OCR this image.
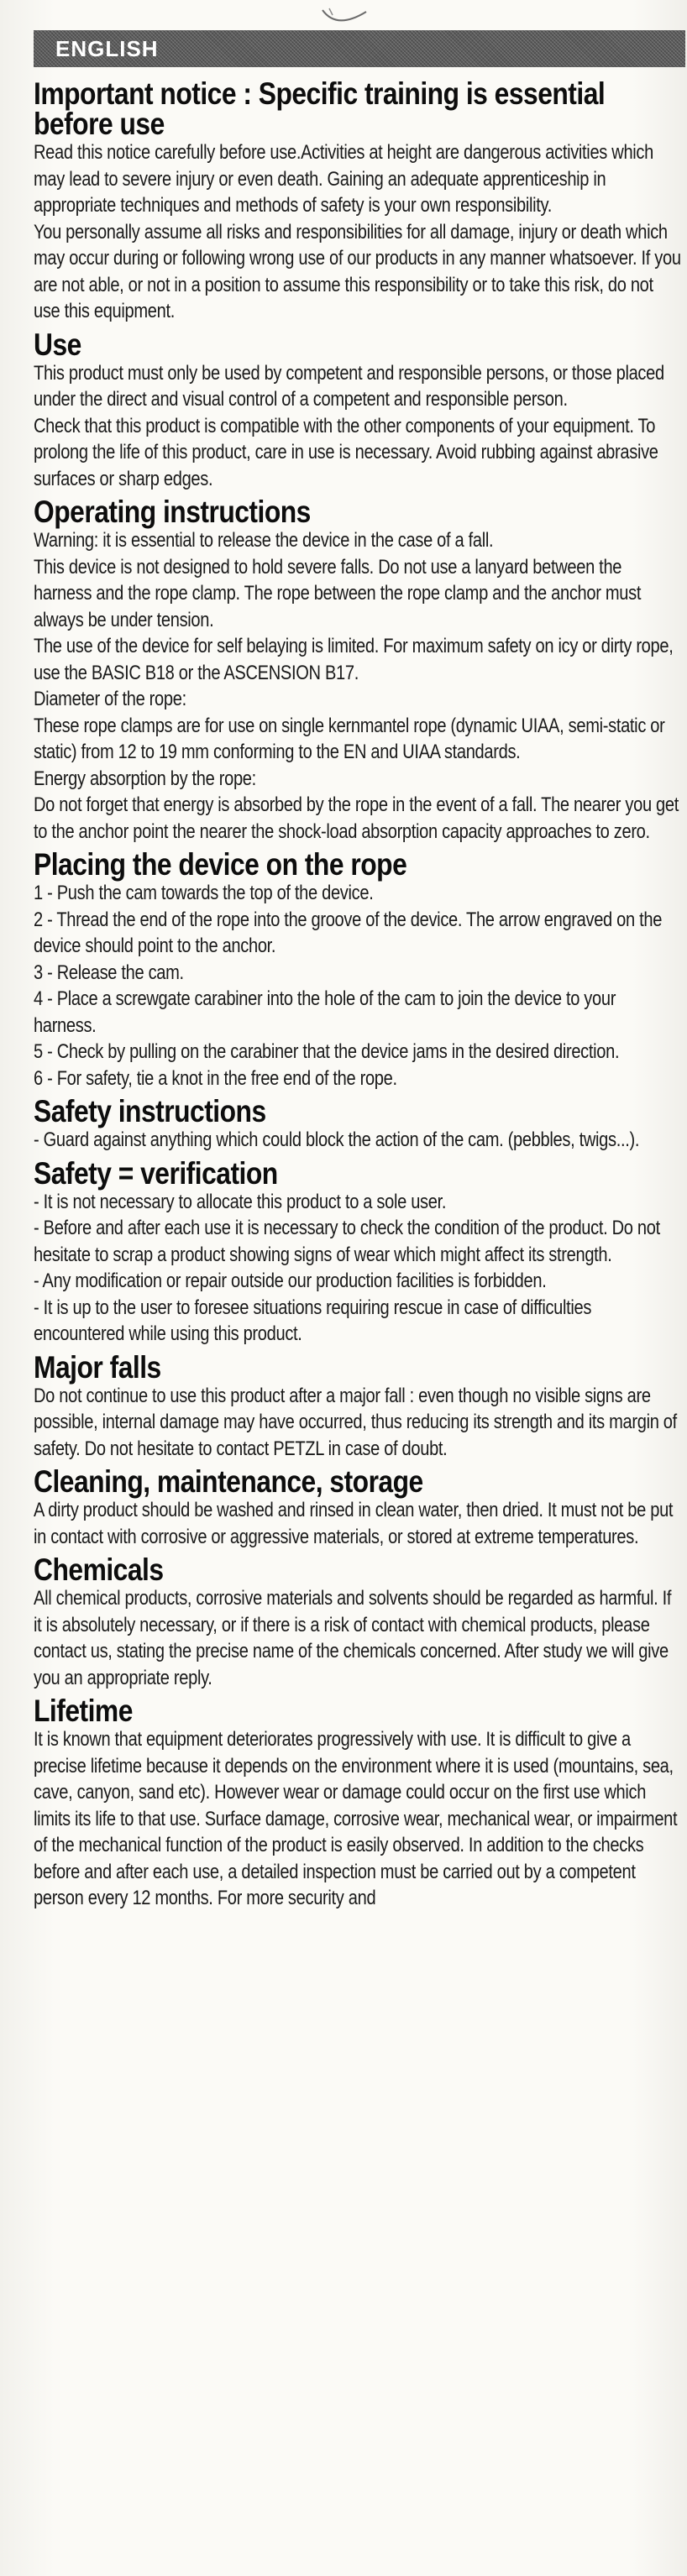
ENGLISH
Important notice : Specific training is essential before use
Read this notice carefully before use.Activities at height are dangerous activities which may lead to severe injury or even death. Gaining an adequate apprenticeship in appropriate techniques and methods of safety is your own responsibility.
You personally assume all risks and responsibilities for all damage, injury or death which may occur during or following wrong use of our products in any manner whatsoever. If you are not able, or not in a position to assume this responsibility or to take this risk, do not use this equipment.
Use
This product must only be used by competent and responsible persons, or those placed under the direct and visual control of a competent and responsible person.
Check that this product is compatible with the other components of your equipment. To prolong the life of this product, care in use is necessary. Avoid rubbing against abrasive surfaces or sharp edges.
Operating instructions
Warning: it is essential to release the device in the case of a fall.
This device is not designed to hold severe falls. Do not use a lanyard between the harness and the rope clamp. The rope between the rope clamp and the anchor must always be under tension.
The use of the device for self belaying is limited. For maximum safety on icy or dirty rope, use the BASIC B18 or the ASCENSION B17.
Diameter of the rope:
These rope clamps are for use on single kernmantel rope (dynamic UIAA, semi-static or static) from 12 to 19 mm conforming to the EN and UIAA standards.
Energy absorption by the rope:
Do not forget that energy is absorbed by the rope in the event of a fall. The nearer you get to the anchor point the nearer the shock-load absorption capacity approaches to zero.
Placing the device on the rope
1 - Push the cam towards the top of the device.
2 - Thread the end of the rope into the groove of the device. The arrow engraved on the device should point to the anchor.
3 - Release the cam.
4 - Place a screwgate carabiner into the hole of the cam to join the device to your harness.
5 - Check by pulling on the carabiner that the device jams in the desired direction.
6 - For safety, tie a knot in the free end of the rope.
Safety instructions
- Guard against anything which could block the action of the cam. (pebbles, twigs...).
Safety = verification
- It is not necessary to allocate this product to a sole user.
- Before and after each use it is necessary to check the condition of the product. Do not hesitate to scrap a product showing signs of wear which might affect its strength.
- Any modification or repair outside our production facilities is forbidden.
- It is up to the user to foresee situations requiring rescue in case of difficulties encountered while using this product.
Major falls
Do not continue to use this product after a major fall : even though no visible signs are possible, internal damage may have occurred, thus reducing its strength and its margin of safety. Do not hesitate to contact PETZL in case of doubt.
Cleaning, maintenance, storage
A dirty product should be washed and rinsed in clean water, then dried. It must not be put in contact with corrosive or aggressive materials, or stored at extreme temperatures.
Chemicals
All chemical products, corrosive materials and solvents should be regarded as harmful. If it is absolutely necessary, or if there is a risk of contact with chemical products, please contact us, stating the precise name of the chemicals concerned. After study we will give you an appropriate reply.
Lifetime
It is known that equipment deteriorates progressively with use. It is difficult to give a precise lifetime because it depends on the environment where it is used (mountains, sea, cave, canyon, sand etc). However wear or damage could occur on the first use which limits its life to that use. Surface damage, corrosive wear, mechanical wear, or impairment of the mechanical function of the product is easily observed. In addition to the checks before and after each use, a detailed inspection must be carried out by a competent person every 12 months. For more security and
